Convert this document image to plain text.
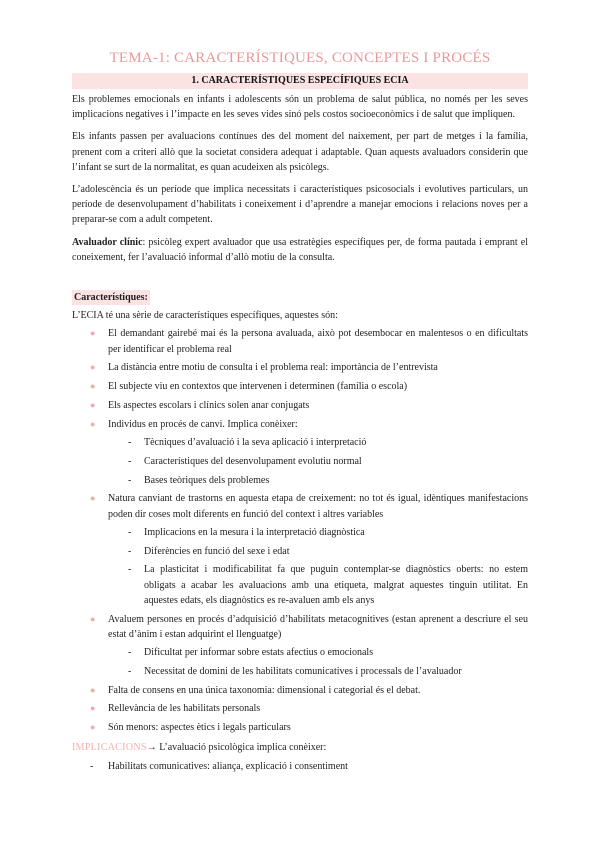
TEMA-1: CARACTERÍSTIQUES, CONCEPTES I PROCÉS
1. CARACTERÍSTIQUES ESPECÍFIQUES ECIA

Els problemes emocionals en infants i adolescents són un problema de salut pública, no només per les seves implicacions negatives i l’impacte en les seves vides sinó pels costos socioeconòmics i de salut que impliquen.

Els infants passen per avaluacions contínues des del moment del naixement, per part de metges i la família, prenent com a criteri allò que la societat considera adequat i adaptable. Quan aquests avaluadors considerin que l’infant se surt de la normalitat, es quan acudeixen als psicòlegs.

L’adolescència és un període que implica necessitats i característiques psicosocials i evolutives particulars, un període de desenvolupament d’habilitats i coneixement i d’aprendre a manejar emocions i relacions noves per a preparar-se com a adult competent.

Avaluador clínic: psicòleg expert avaluador que usa estratègies específiques per, de forma pautada i emprant el coneixement, fer l’avaluació informal d’allò motiu de la consulta.

Característiques:
L’ECIA té una sèrie de característiques específiques, aquestes són:
● El demandant gairebé mai és la persona avaluada, això pot desembocar en malentesos o en dificultats per identificar el problema real
● La distància entre motiu de consulta i el problema real: importància de l’entrevista
● El subjecte viu en contextos que intervenen i determinen (família o escola)
● Els aspectes escolars i clínics solen anar conjugats
● Individus en procés de canvi. Implica conèixer:
- Tècniques d’avaluació i la seva aplicació i interpretació
- Característiques del desenvolupament evolutiu normal
- Bases teòriques dels problemes
● Natura canviant de trastorns en aquesta etapa de creixement: no tot és igual, idèntiques manifestacions poden dir coses molt diferents en funció del context i altres variables
- Implicacions en la mesura i la interpretació diagnòstica
- Diferències en funció del sexe i edat
- La plasticitat i modificabilitat fa que puguin contemplar-se diagnòstics oberts: no estem obligats a acabar les avaluacions amb una etiqueta, malgrat aquestes tinguin utilitat. En aquestes edats, els diagnòstics es re-avaluen amb els anys
● Avaluem persones en procés d’adquisició d’habilitats metacognitives (estan aprenent a descriure el seu estat d’ànim i estan adquirint el llenguatge)
- Dificultat per informar sobre estats afectius o emocionals
- Necessitat de domini de les habilitats comunicatives i processals de l’avaluador
● Falta de consens en una única taxonomia: dimensional i categorial és el debat.
● Rellevància de les habilitats personals
● Són menors: aspectes ètics i legals particulars
IMPLICACIONS→ L’avaluació psicològica implica conèixer:
- Habilitats comunicatives: aliança, explicació i consentiment
